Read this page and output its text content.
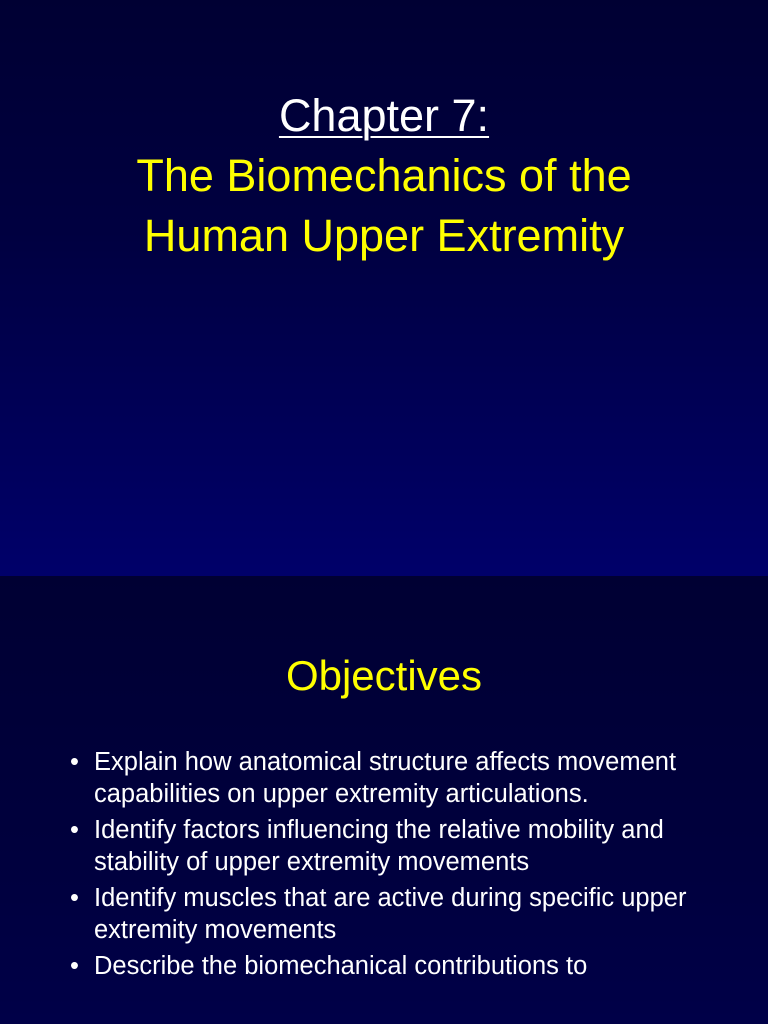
Chapter 7:
The Biomechanics of the
Human Upper Extremity
Objectives
• Explain how anatomical structure affects movement capabilities on upper extremity articulations.
• Identify factors influencing the relative mobility and stability of upper extremity movements
• Identify muscles that are active during specific upper extremity movements
• Describe the biomechanical contributions to
